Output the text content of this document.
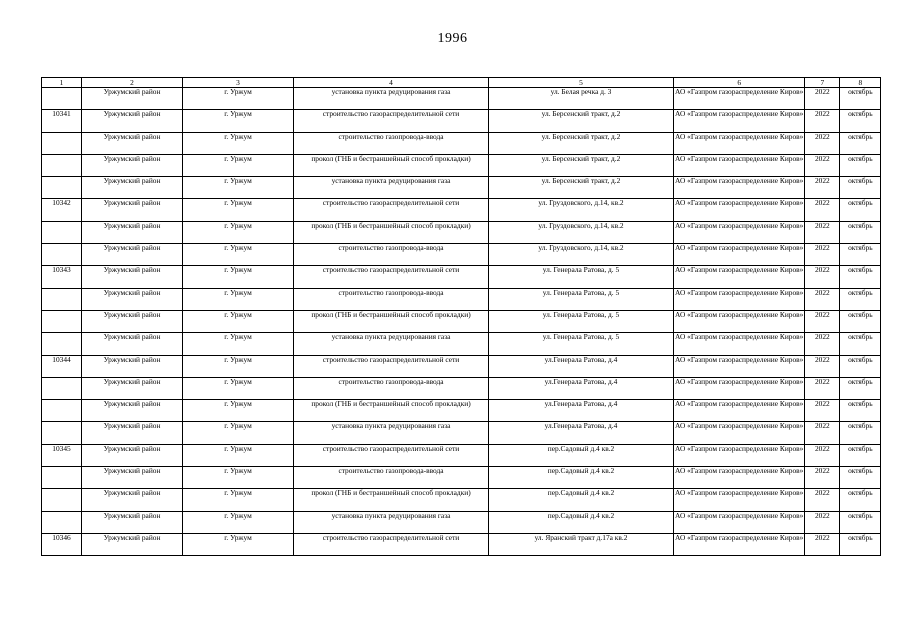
1996
1	2	3	4	5	6	7	8
	Уржумский район	г. Уржум	установка пункта редуцирования газа	ул. Белая речка д. 3	АО «Газпром газораспределение Киров»	2022	октябрь
10341	Уржумский район	г. Уржум	строительство газораспределительной сети	ул. Берсенский тракт, д.2	АО «Газпром газораспределение Киров»	2022	октябрь
	Уржумский район	г. Уржум	строительство газопровода-ввода	ул. Берсенский тракт, д.2	АО «Газпром газораспределение Киров»	2022	октябрь
	Уржумский район	г. Уржум	прокол (ГНБ и бестраншейный способ прокладки)	ул. Берсенский тракт, д.2	АО «Газпром газораспределение Киров»	2022	октябрь
	Уржумский район	г. Уржум	установка пункта редуцирования газа	ул. Берсенский тракт, д.2	АО «Газпром газораспределение Киров»	2022	октябрь
10342	Уржумский район	г. Уржум	строительство газораспределительной сети	ул. Груздовского, д.14, кв.2	АО «Газпром газораспределение Киров»	2022	октябрь
	Уржумский район	г. Уржум	прокол (ГНБ и бестраншейный способ прокладки)	ул. Груздовского, д.14, кв.2	АО «Газпром газораспределение Киров»	2022	октябрь
	Уржумский район	г. Уржум	строительство газопровода-ввода	ул. Груздовского, д.14, кв.2	АО «Газпром газораспределение Киров»	2022	октябрь
10343	Уржумский район	г. Уржум	строительство газораспределительной сети	ул. Генерала Ратова, д. 5	АО «Газпром газораспределение Киров»	2022	октябрь
	Уржумский район	г. Уржум	строительство газопровода-ввода	ул. Генерала Ратова, д. 5	АО «Газпром газораспределение Киров»	2022	октябрь
	Уржумский район	г. Уржум	прокол (ГНБ и бестраншейный способ прокладки)	ул. Генерала Ратова, д. 5	АО «Газпром газораспределение Киров»	2022	октябрь
	Уржумский район	г. Уржум	установка пункта редуцирования газа	ул. Генерала Ратова, д. 5	АО «Газпром газораспределение Киров»	2022	октябрь
10344	Уржумский район	г. Уржум	строительство газораспределительной сети	ул.Генерала Ратова, д.4	АО «Газпром газораспределение Киров»	2022	октябрь
	Уржумский район	г. Уржум	строительство газопровода-ввода	ул.Генерала Ратова, д.4	АО «Газпром газораспределение Киров»	2022	октябрь
	Уржумский район	г. Уржум	прокол (ГНБ и бестраншейный способ прокладки)	ул.Генерала Ратова, д.4	АО «Газпром газораспределение Киров»	2022	октябрь
	Уржумский район	г. Уржум	установка пункта редуцирования газа	ул.Генерала Ратова, д.4	АО «Газпром газораспределение Киров»	2022	октябрь
10345	Уржумский район	г. Уржум	строительство газораспределительной сети	пер.Садовый д.4 кв.2	АО «Газпром газораспределение Киров»	2022	октябрь
	Уржумский район	г. Уржум	строительство газопровода-ввода	пер.Садовый д.4 кв.2	АО «Газпром газораспределение Киров»	2022	октябрь
	Уржумский район	г. Уржум	прокол (ГНБ и бестраншейный способ прокладки)	пер.Садовый д.4 кв.2	АО «Газпром газораспределение Киров»	2022	октябрь
	Уржумский район	г. Уржум	установка пункта редуцирования газа	пер.Садовый д.4 кв.2	АО «Газпром газораспределение Киров»	2022	октябрь
10346	Уржумский район	г. Уржум	строительство газораспределительной сети	ул. Яранский тракт д.17а кв.2	АО «Газпром газораспределение Киров»	2022	октябрь
